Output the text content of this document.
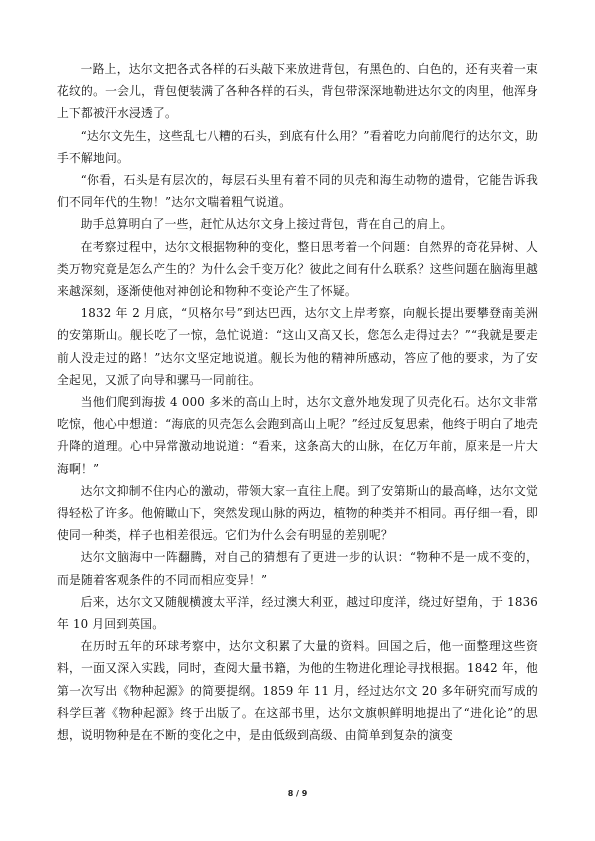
一路上，达尔文把各式各样的石头敲下来放进背包，有黑色的、白色的，还有夹着一束花纹的。一会儿，背包便装满了各种各样的石头，背包带深深地勒进达尔文的肉里，他浑身上下都被汗水浸透了。

“达尔文先生，这些乱七八糟的石头，到底有什么用？”看着吃力向前爬行的达尔文，助手不解地问。

“你看，石头是有层次的，每层石头里有着不同的贝壳和海生动物的遗骨，它能告诉我们不同年代的生物！”达尔文喘着粗气说道。

助手总算明白了一些，赶忙从达尔文身上接过背包，背在自己的肩上。

在考察过程中，达尔文根据物种的变化，整日思考着一个问题：自然界的奇花异树、人类万物究竟是怎么产生的？为什么会千变万化？彼此之间有什么联系？这些问题在脑海里越来越深刻，逐渐使他对神创论和物种不变论产生了怀疑。

1832 年 2 月底，“贝格尔号”到达巴西，达尔文上岸考察，向舰长提出要攀登南美洲的安第斯山。舰长吃了一惊，急忙说道：“这山又高又长，您怎么走得过去？”“我就是要走前人没走过的路！”达尔文坚定地说道。舰长为他的精神所感动，答应了他的要求，为了安全起见，又派了向导和骡马一同前往。

当他们爬到海拔 4 000 多米的高山上时，达尔文意外地发现了贝壳化石。达尔文非常吃惊，他心中想道：“海底的贝壳怎么会跑到高山上呢？”经过反复思索，他终于明白了地壳升降的道理。心中异常激动地说道：“看来，这条高大的山脉，在亿万年前，原来是一片大海啊！”

达尔文抑制不住内心的激动，带领大家一直往上爬。到了安第斯山的最高峰，达尔文觉得轻松了许多。他俯瞰山下，突然发现山脉的两边，植物的种类并不相同。再仔细一看，即使同一种类，样子也相差很远。它们为什么会有明显的差别呢？

达尔文脑海中一阵翻腾，对自己的猜想有了更进一步的认识：“物种不是一成不变的，而是随着客观条件的不同而相应变异！”

后来，达尔文又随舰横渡太平洋，经过澳大利亚，越过印度洋，绕过好望角，于 1836 年 10 月回到英国。

在历时五年的环球考察中，达尔文积累了大量的资料。回国之后，他一面整理这些资料，一面又深入实践，同时，查阅大量书籍，为他的生物进化理论寻找根据。1842 年，他第一次写出《物种起源》的简要提纲。1859 年 11 月，经过达尔文 20 多年研究而写成的科学巨著《物种起源》终于出版了。在这部书里，达尔文旗帜鲜明地提出了“进化论”的思想，说明物种是在不断的变化之中，是由低级到高级、由简单到复杂的演变

8 / 9
